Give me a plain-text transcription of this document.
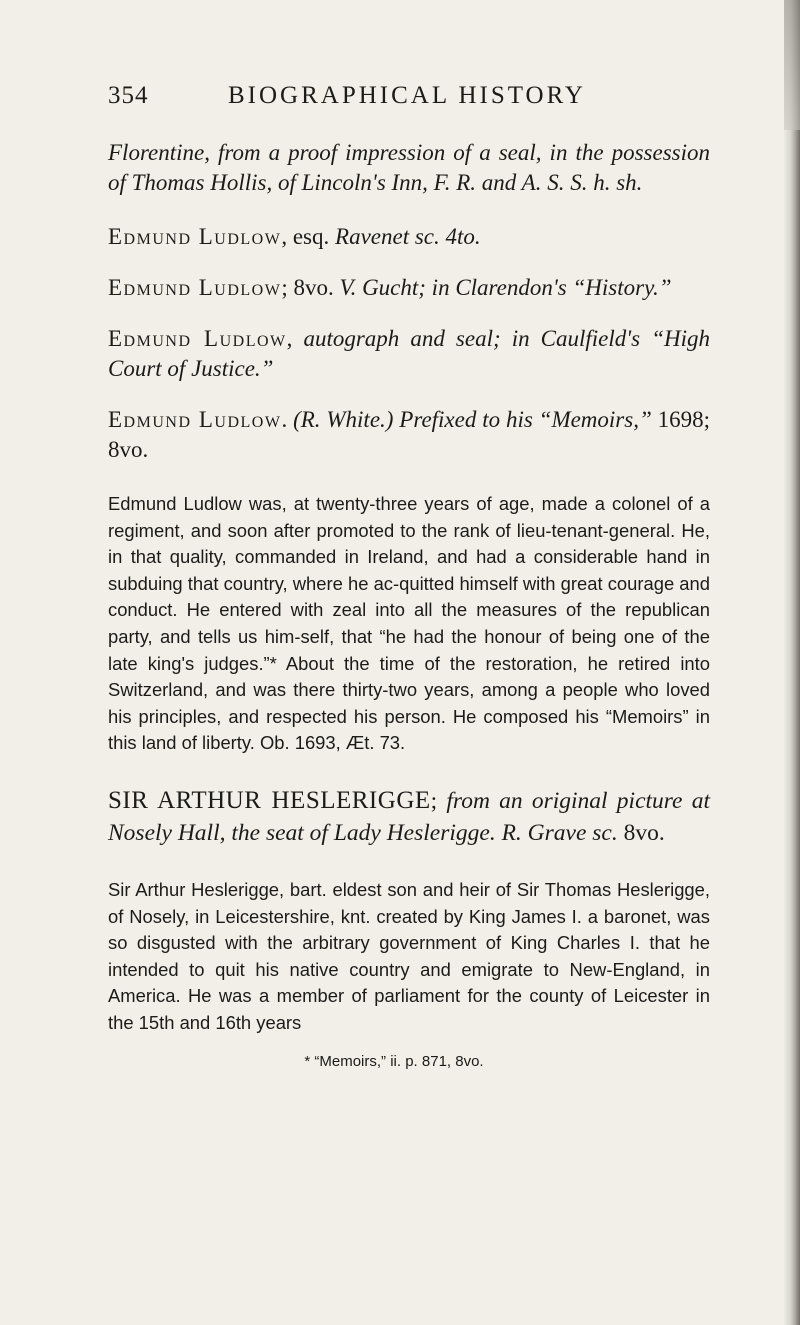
354	BIOGRAPHICAL HISTORY

Florentine, from a proof impression of a seal, in the possession of Thomas Hollis, of Lincoln's Inn, F. R. and A. S. S. h. sh.

Edmund Ludlow, esq. Ravenet sc. 4to.

Edmund Ludlow; 8vo. V. Gucht; in Clarendon's “History.”

Edmund Ludlow, autograph and seal; in Caulfield's “High Court of Justice.”

Edmund Ludlow. (R. White.) Prefixed to his “Memoirs,” 1698; 8vo.

Edmund Ludlow was, at twenty-three years of age, made a colonel of a regiment, and soon after promoted to the rank of lieu-tenant-general. He, in that quality, commanded in Ireland, and had a considerable hand in subduing that country, where he ac-quitted himself with great courage and conduct. He entered with zeal into all the measures of the republican party, and tells us him-self, that “he had the honour of being one of the late king's judges.”* About the time of the restoration, he retired into Switzerland, and was there thirty-two years, among a people who loved his principles, and respected his person. He composed his “Memoirs” in this land of liberty. Ob. 1693, Æt. 73.

SIR ARTHUR HESLERIGGE; from an original picture at Nosely Hall, the seat of Lady Heslerigge. R. Grave sc. 8vo.

Sir Arthur Heslerigge, bart. eldest son and heir of Sir Thomas Heslerigge, of Nosely, in Leicestershire, knt. created by King James I. a baronet, was so disgusted with the arbitrary government of King Charles I. that he intended to quit his native country and emigrate to New-England, in America. He was a member of parliament for the county of Leicester in the 15th and 16th years

* “Memoirs,” ii. p. 871, 8vo.
